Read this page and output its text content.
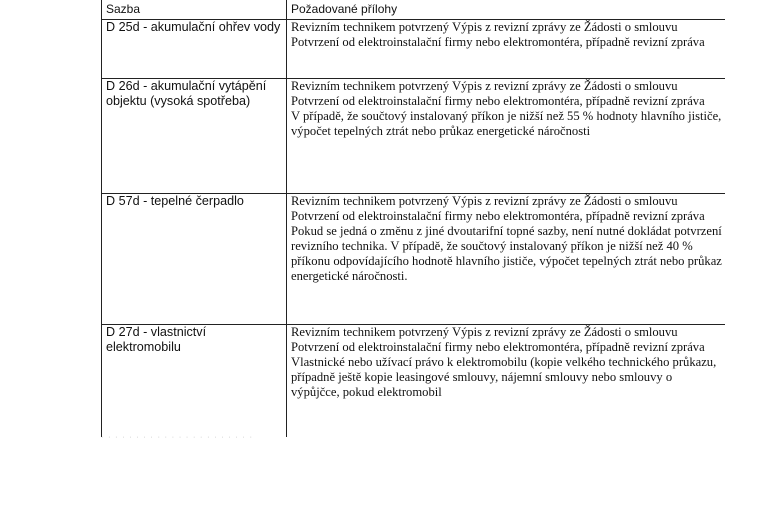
Sazba	Požadované přílohy
D 25d - akumulační ohřev vody	Revizním technikem potvrzený Výpis z revizní zprávy ze Žádosti o smlouvu
Potvrzení od elektroinstalační firmy nebo elektromontéra, případně revizní zpráva

D 26d - akumulační vytápění objektu (vysoká spotřeba)	Revizním technikem potvrzený Výpis z revizní zprávy ze Žádosti o smlouvu
Potvrzení od elektroinstalační firmy nebo elektromontéra, případně revizní zpráva
V případě, že součtový instalovaný příkon je nižší než 55 % hodnoty hlavního jističe, výpočet tepelných ztrát nebo průkaz energetické náročnosti

D 57d - tepelné čerpadlo	Revizním technikem potvrzený Výpis z revizní zprávy ze Žádosti o smlouvu
Potvrzení od elektroinstalační firmy nebo elektromontéra, případně revizní zpráva
Pokud se jedná o změnu z jiné dvoutarifní topné sazby, není nutné dokládat potvrzení revizního technika. V případě, že součtový instalovaný příkon je nižší než 40 % příkonu odpovídajícího hodnotě hlavního jističe, výpočet tepelných ztrát nebo průkaz energetické náročnosti.

D 27d - vlastnictví elektromobilu	Revizním technikem potvrzený Výpis z revizní zprávy ze Žádosti o smlouvu
Potvrzení od elektroinstalační firmy nebo elektromontéra, případně revizní zpráva
Vlastnické nebo užívací právo k elektromobilu (kopie velkého technického průkazu, případně ještě kopie leasingové smlouvy, nájemní smlouvy nebo smlouvy o výpůjčce, pokud elektromobil
· · · · · · · · · · · · · · · · · · · · · ·
